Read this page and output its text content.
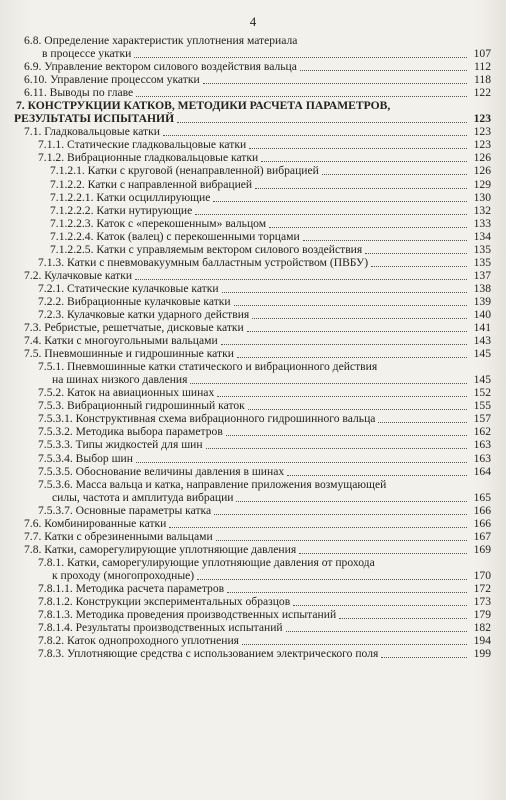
4
6.8. Определение характеристик уплотнения материала
в процессе укатки	107
6.9. Управление вектором силового воздействия вальца	112
6.10. Управление процессом укатки	118
6.11. Выводы по главе	122
7. КОНСТРУКЦИИ КАТКОВ, МЕТОДИКИ РАСЧЕТА ПАРАМЕТРОВ,
РЕЗУЛЬТАТЫ ИСПЫТАНИЙ	123
7.1. Гладковальцовые катки	123
7.1.1. Статические гладковальцовые катки	123
7.1.2. Вибрационные гладковальцовые катки	126
7.1.2.1. Катки с круговой (ненаправленной) вибрацией	126
7.1.2.2. Катки с направленной вибрацией	129
7.1.2.2.1. Катки осциллирующие	130
7.1.2.2.2. Катки нутирующие	132
7.1.2.2.3. Каток с «перекошенным» вальцом	133
7.1.2.2.4. Каток (валец) с перекошенными торцами	134
7.1.2.2.5. Катки с управляемым вектором силового воздействия	135
7.1.3. Катки с пневмовакуумным балластным устройством (ПВБУ)	135
7.2. Кулачковые катки	137
7.2.1. Статические кулачковые катки	138
7.2.2. Вибрационные кулачковые катки	139
7.2.3. Кулачковые катки ударного действия	140
7.3. Ребристые, решетчатые, дисковые катки	141
7.4. Катки с многоугольными вальцами	143
7.5. Пневмошинные и гидрошинные катки	145
7.5.1. Пневмошинные катки статического и вибрационного действия
на шинах низкого давления	145
7.5.2. Каток на авиационных шинах	152
7.5.3. Вибрационный гидрошинный каток	155
7.5.3.1. Конструктивная схема вибрационного гидрошинного вальца	157
7.5.3.2. Методика выбора параметров	162
7.5.3.3. Типы жидкостей для шин	163
7.5.3.4. Выбор шин	163
7.5.3.5. Обоснование величины давления в шинах	164
7.5.3.6. Масса вальца и катка, направление приложения возмущающей
силы, частота и амплитуда вибрации	165
7.5.3.7. Основные параметры катка	166
7.6. Комбинированные катки	166
7.7. Катки с обрезиненными вальцами	167
7.8. Катки, саморегулирующие уплотняющие давления	169
7.8.1. Катки, саморегулирующие уплотняющие давления от прохода
к проходу (многопроходные)	170
7.8.1.1. Методика расчета параметров	172
7.8.1.2. Конструкции экспериментальных образцов	173
7.8.1.3. Методика проведения производственных испытаний	179
7.8.1.4. Результаты производственных испытаний	182
7.8.2. Каток однопроходного уплотнения	194
7.8.3. Уплотняющие средства с использованием электрического поля	199
